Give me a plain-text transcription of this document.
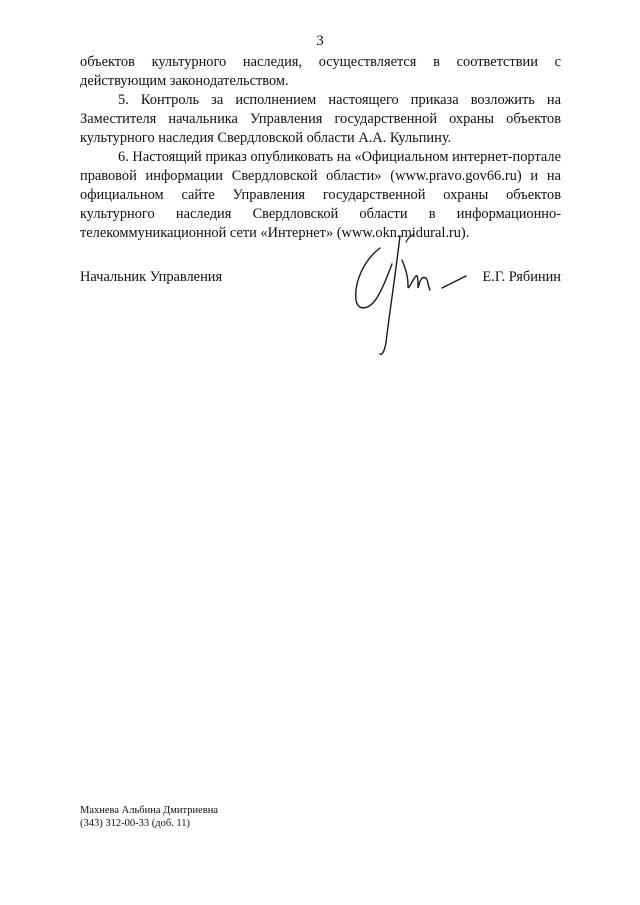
3

объектов культурного наследия, осуществляется в соответствии с действующим законодательством.

5. Контроль за исполнением настоящего приказа возложить на Заместителя начальника Управления государственной охраны объектов культурного наследия Свердловской области А.А. Кульпину.

6. Настоящий приказ опубликовать на «Официальном интернет-портале правовой информации Свердловской области» (www.pravo.gov66.ru) и на официальном сайте Управления государственной охраны объектов культурного наследия Свердловской области в информационно-телекоммуникационной сети «Интернет» (www.okn.midural.ru).

Начальник Управления	Е.Г. Рябинин
Махнева Альбина Дмитриевна
(343) 312-00-33 (доб. 11)
